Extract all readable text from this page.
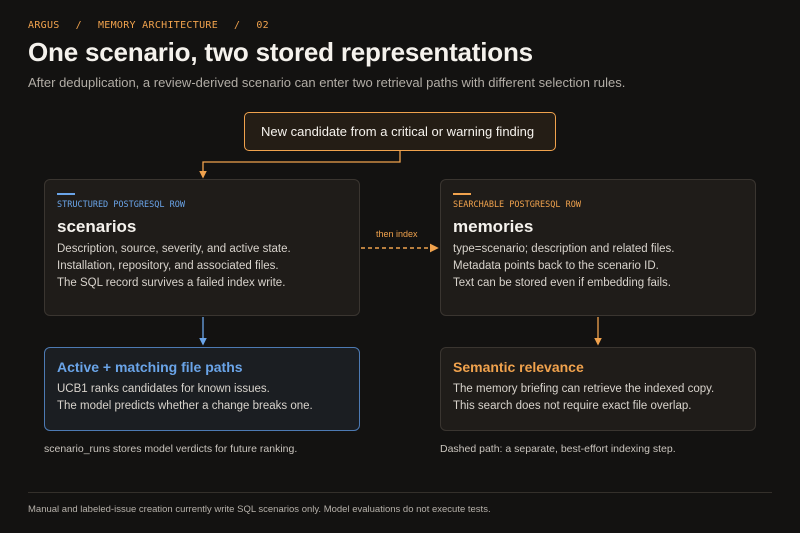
ARGUS / MEMORY ARCHITECTURE / 02
One scenario, two stored representations
After deduplication, a review-derived scenario can enter two retrieval paths with different selection rules.
New candidate from a critical or warning finding
then index
STRUCTURED POSTGRESQL ROW
scenarios
Description, source, severity, and active state.
Installation, repository, and associated files.
The SQL record survives a failed index write.
SEARCHABLE POSTGRESQL ROW
memories
type=scenario; description and related files.
Metadata points back to the scenario ID.
Text can be stored even if embedding fails.
Active + matching file paths
UCB1 ranks candidates for known issues.
The model predicts whether a change breaks one.
Semantic relevance
The memory briefing can retrieve the indexed copy.
This search does not require exact file overlap.
scenario_runs stores model verdicts for future ranking.	Dashed path: a separate, best-effort indexing step.
Manual and labeled-issue creation currently write SQL scenarios only. Model evaluations do not execute tests.
